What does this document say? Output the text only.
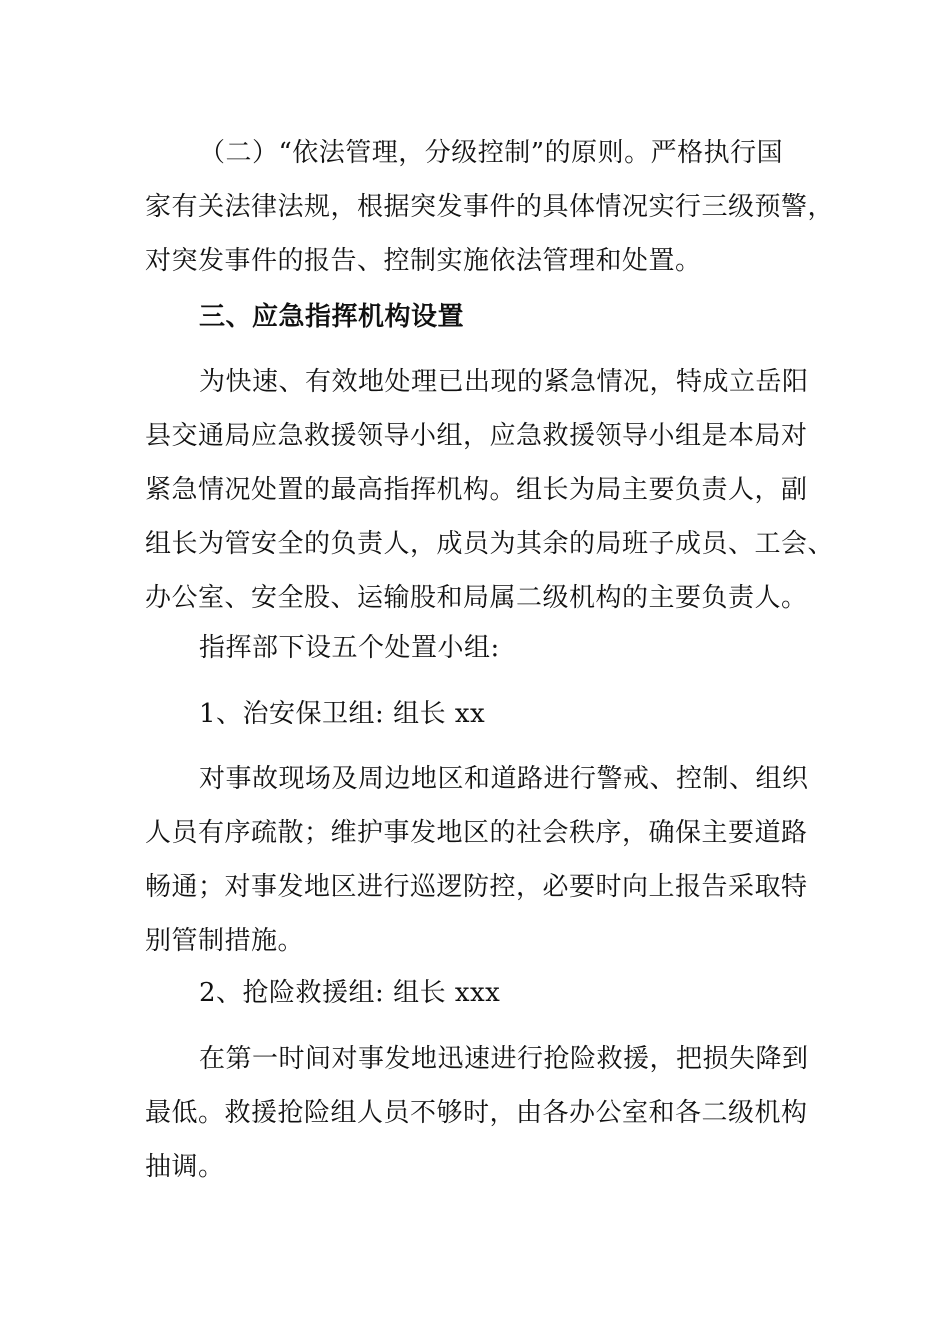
（二）“依法管理，分级控制”的原则。严格执行国
家有关法律法规，根据突发事件的具体情况实行三级预警，
对突发事件的报告、控制实施依法管理和处置。
三、应急指挥机构设置
为快速、有效地处理已出现的紧急情况，特成立岳阳
县交通局应急救援领导小组，应急救援领导小组是本局对
紧急情况处置的最高指挥机构。组长为局主要负责人，副
组长为管安全的负责人，成员为其余的局班子成员、工会、
办公室、安全股、运输股和局属二级机构的主要负责人。
指挥部下设五个处置小组:
1、治安保卫组: 组长 xx
对事故现场及周边地区和道路进行警戒、控制、组织
人员有序疏散；维护事发地区的社会秩序，确保主要道路
畅通；对事发地区进行巡逻防控，必要时向上报告采取特
别管制措施。
2、抢险救援组: 组长 xxx
在第一时间对事发地迅速进行抢险救援，把损失降到
最低。救援抢险组人员不够时，由各办公室和各二级机构
抽调。
